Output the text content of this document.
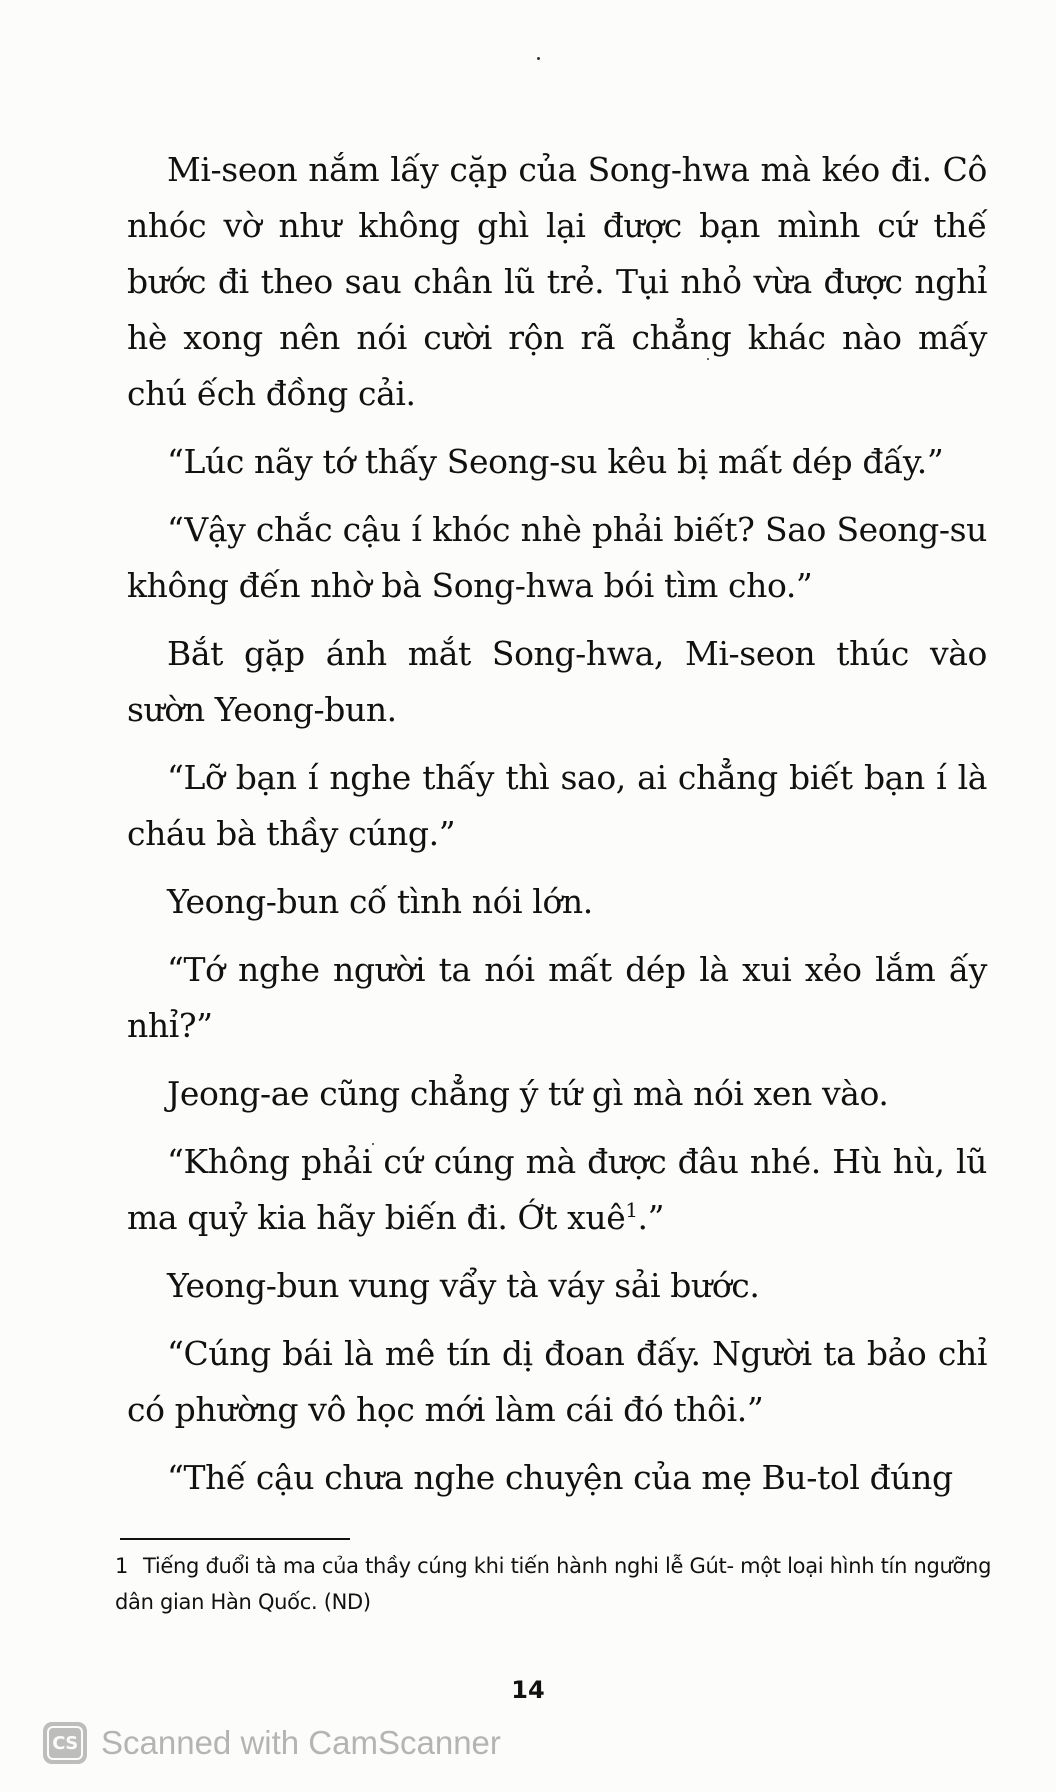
Mi-seon nắm lấy cặp của Song-hwa mà kéo đi. Cô nhóc vờ như không ghì lại được bạn mình cứ thế bước đi theo sau chân lũ trẻ. Tụi nhỏ vừa được nghỉ hè xong nên nói cười rộn rã chẳng khác nào mấy chú ếch đồng cải.

“Lúc nãy tớ thấy Seong-su kêu bị mất dép đấy.”

“Vậy chắc cậu í khóc nhè phải biết? Sao Seong-su không đến nhờ bà Song-hwa bói tìm cho.”

Bắt gặp ánh mắt Song-hwa, Mi-seon thúc vào sườn Yeong-bun.

“Lỡ bạn í nghe thấy thì sao, ai chẳng biết bạn í là cháu bà thầy cúng.”

Yeong-bun cố tình nói lớn.

“Tớ nghe người ta nói mất dép là xui xẻo lắm ấy nhỉ?”

Jeong-ae cũng chẳng ý tứ gì mà nói xen vào.

“Không phải cứ cúng mà được đâu nhé. Hù hù, lũ ma quỷ kia hãy biến đi. Ớt xuê$^1$.”

Yeong-bun vung vẩy tà váy sải bước.

“Cúng bái là mê tín dị đoan đấy. Người ta bảo chỉ có phường vô học mới làm cái đó thôi.”

“Thế cậu chưa nghe chuyện của mẹ Bu-tol đúng

1 Tiếng đuổi tà ma của thầy cúng khi tiến hành nghi lễ Gút- một loại hình tín ngưỡng dân gian Hàn Quốc. (ND)
14
CS Scanned with CamScanner
